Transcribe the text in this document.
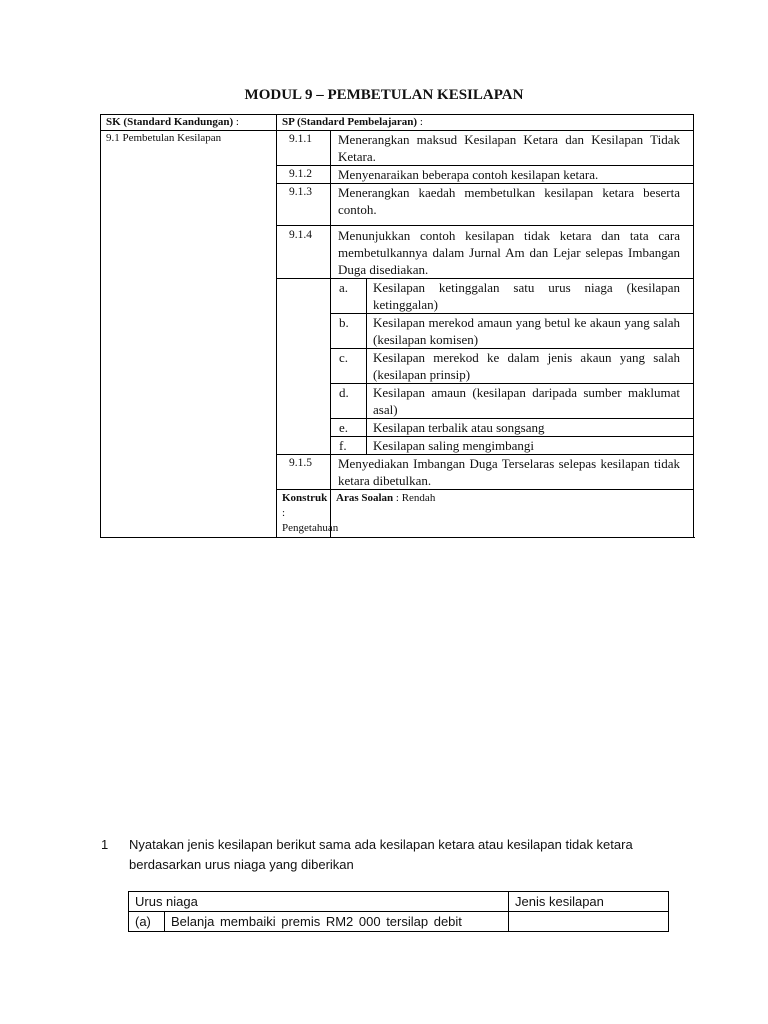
MODUL 9 – PEMBETULAN KESILAPAN
SK (Standard Kandungan) :	SP (Standard Pembelajaran) :		
9.1 Pembetulan Kesilapan	9.1.1	Menerangkan maksud Kesilapan Ketara dan Kesilapan Tidak Ketara.	
	9.1.2	Menyenaraikan beberapa contoh kesilapan ketara.	
	9.1.3	Menerangkan kaedah membetulkan kesilapan ketara beserta contoh.	
	9.1.4	Menunjukkan contoh kesilapan tidak ketara dan tata cara membetulkannya dalam Jurnal Am dan Lejar selepas Imbangan Duga disediakan.	
		a.	Kesilapan ketinggalan satu urus niaga (kesilapan ketinggalan)
		b.	Kesilapan merekod amaun yang betul ke akaun yang salah (kesilapan komisen)
		c.	Kesilapan merekod ke dalam jenis akaun yang salah (kesilapan prinsip)
		d.	Kesilapan amaun (kesilapan daripada sumber maklumat asal)
		e.	Kesilapan terbalik atau songsang
		f.	Kesilapan saling mengimbangi
	9.1.5	Menyediakan Imbangan Duga Terselaras selepas kesilapan tidak ketara dibetulkan.	
	Konstruk : Pengetahuan	Aras Soalan : Rendah	
1 Nyatakan jenis kesilapan berikut sama ada kesilapan ketara atau kesilapan tidak ketara berdasarkan urus niaga yang diberikan
Urus niaga		Jenis kesilapan
(a)	Belanja membaiki premis RM2 000 tersilap debit	
